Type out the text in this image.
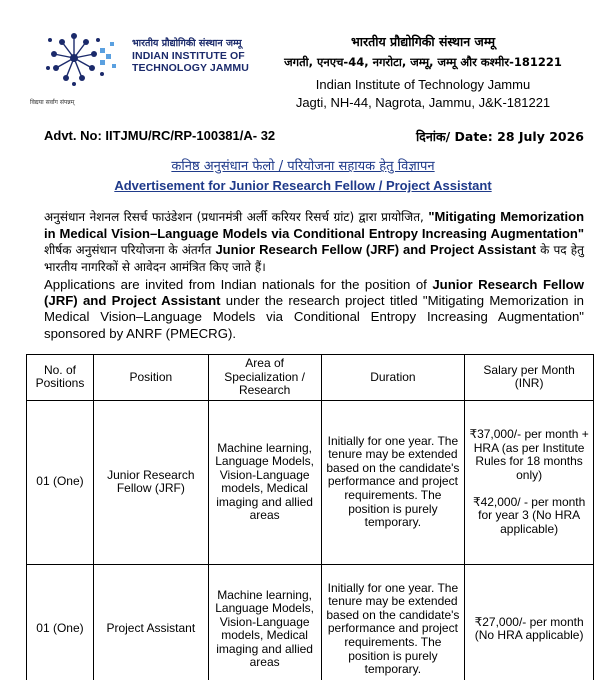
भारतीय प्रौद्योगिकी संस्थान जम्मू
INDIAN INSTITUTE OF
TECHNOLOGY JAMMU
विद्यया सर्वांग संपन्नम्
भारतीय प्रौद्योगिकी संस्थान जम्मू
जगती, एनएच-44, नगरोटा, जम्मू, जम्मू और कश्मीर-181221
Indian Institute of Technology Jammu
Jagti, NH-44, Nagrota, Jammu, J&K-181221
Advt. No: IITJMU/RC/RP-100381/A- 32	दिनांक/ Date: 28 July 2026
कनिष्ठ अनुसंधान फेलो / परियोजना सहायक हेतु विज्ञापन
Advertisement for Junior Research Fellow / Project Assistant

अनुसंधान नेशनल रिसर्च फाउंडेशन (प्रधानमंत्री अर्ली करियर रिसर्च ग्रांट) द्वारा प्रायोजित, "Mitigating Memorization in Medical Vision–Language Models via Conditional Entropy Increasing Augmentation" शीर्षक अनुसंधान परियोजना के अंतर्गत Junior Research Fellow (JRF) and Project Assistant के पद हेतु भारतीय नागरिकों से आवेदन आमंत्रित किए जाते हैं।

Applications are invited from Indian nationals for the position of Junior Research Fellow (JRF) and Project Assistant under the research project titled "Mitigating Memorization in Medical Vision–Language Models via Conditional Entropy Increasing Augmentation" sponsored by ANRF (PMECRG).

No. of Positions	Position	Area of Specialization / Research	Duration	Salary per Month (INR)
01 (One)	Junior Research Fellow (JRF)	Machine learning, Language Models, Vision-Language models, Medical imaging and allied areas	Initially for one year. The tenure may be extended based on the candidate's performance and project requirements. The position is purely temporary.	₹37,000/- per month + HRA (as per Institute Rules for 18 months only)

₹42,000/ - per month for year 3 (No HRA applicable)

01 (One)	Project Assistant	Machine learning, Language Models, Vision-Language models, Medical imaging and allied areas	Initially for one year. The tenure may be extended based on the candidate's performance and project requirements. The position is purely temporary.	₹27,000/- per month (No HRA applicable)
